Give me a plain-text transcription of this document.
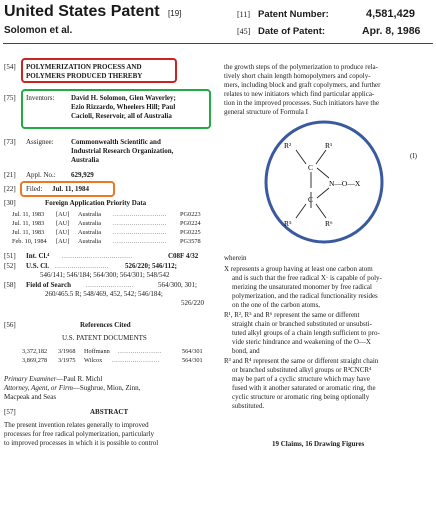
United States Patent [19]
Solomon et al.
[11] Patent Number:	4,581,429
[45] Date of Patent:	Apr. 8, 1986
[54] POLYMERIZATION PROCESS AND
POLYMERS PRODUCED THEREBY
[75] Inventors: David H. Solomon, Glen Waverley;
Ezio Rizzardo, Wheelers Hill; Paul
Cacioli, Reservoir, all of Australia
[73] Assignee: Commonwealth Scientific and
Industrial Research Organization,
Australia
[21] Appl. No.: 629,929
[22] Filed: Jul. 11, 1984
[30]	Foreign Application Priority Data
Jul. 11, 1983 [AU] Australia .......................... PG0223
Jul. 11, 1983 [AU] Australia .......................... PG0224
Jul. 11, 1983 [AU] Australia .......................... PG0225
Feb. 10, 1984 [AU] Australia .......................... PG3578
[51] Int. Cl.⁴ ..................................	C08F 4/32
[52] U.S. Cl. .......................... 526/220; 546/112;
546/141; 546/184; 564/300; 564/301; 548/542
[58] Field of Search .......................	564/300, 301;
260/465.5 R; 548/469, 452, 542; 546/184;
526/220
[56]	References Cited
U.S. PATENT DOCUMENTS
3,372,182 3/1968 Hoffmann .....................	564/301
3,869,278 3/1975 Wilcox .......................	564/301
Primary Examiner—Paul R. Michl
Attorney, Agent, or Firm—Sughrue, Mion, Zinn,
Macpeak and Seas
[57]	ABSTRACT
The present invention relates generally to improved
processes for free radical polymerization, particularly
to improved processes in which it is possible to control
the growth steps of the polymerization to produce rela-
tively short chain length homopolymers and copoly-
mers, including block and graft copolymers, and further
relates to new initiators which find particular applica-
tion in the improved processes. Such initiators have the
general structure of Formula I
R²	R¹
C
N—O—X
C
R⁵	R⁶
(I)
wherein
X represents a group having at least one carbon atom
and is such that the free radical X· is capable of poly-
merizing the unsaturated monomer by free radical
polymerization, and the radical functionality resides
on the one of the carbon atoms,
R¹, R², R⁵ and R⁶ represent the same or different
straight chain or branched substituted or unsubsti-
tuted alkyl groups of a chain length sufficient to pro-
vide steric hindrance and weakening of the O—X
bond, and
R³ and R⁴ represent the same or different straight chain
or branched substituted alkyl groups or R³CNCR⁴
may be part of a cyclic structure which may have
fused with it another saturated or aromatic ring, the
cyclic structure or aromatic ring being optionally
substituted.
19 Claims, 16 Drawing Figures
